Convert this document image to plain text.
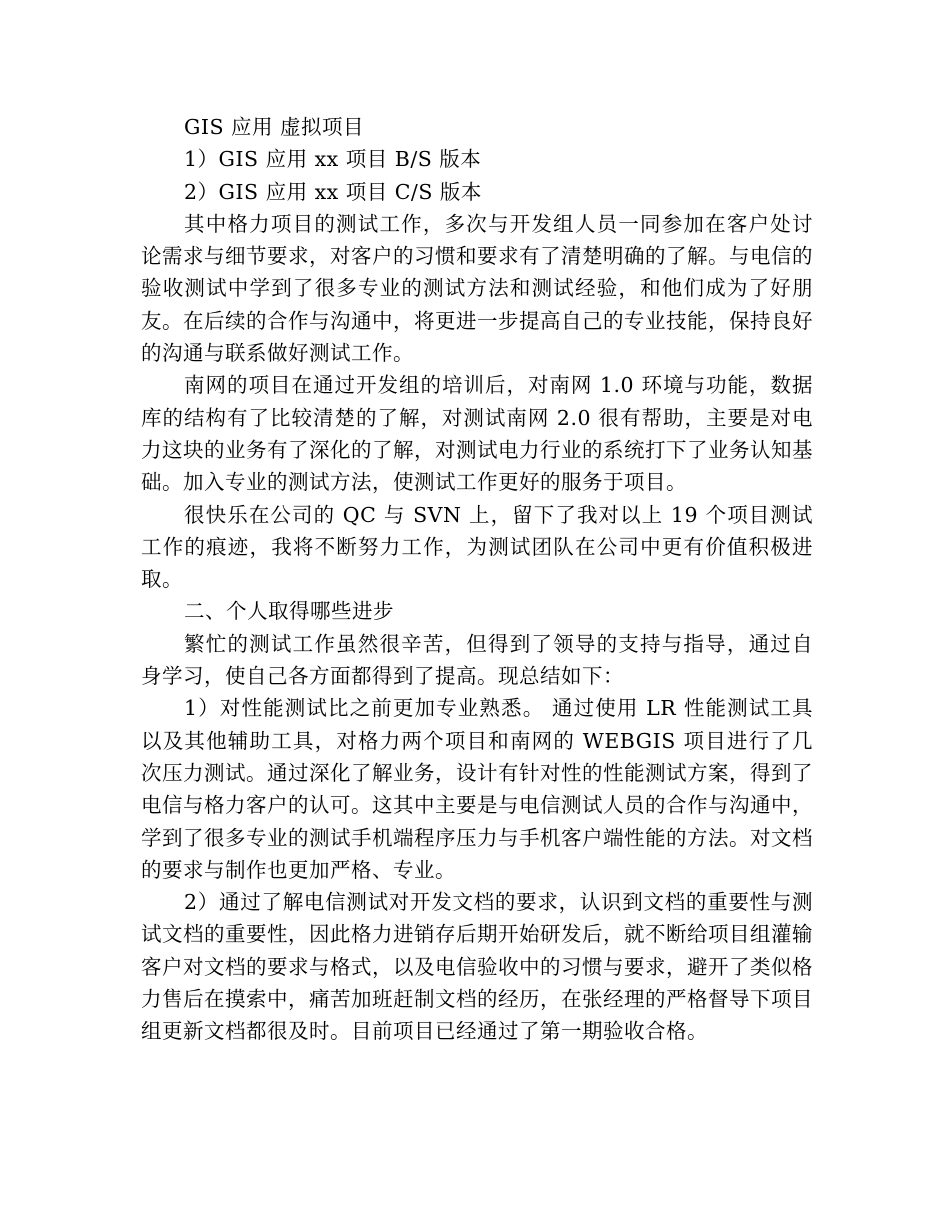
GIS 应用 虚拟项目

1）GIS 应用 xx 项目 B/S 版本

2）GIS 应用 xx 项目 C/S 版本

其中格力项目的测试工作，多次与开发组人员一同参加在客户处讨论需求与细节要求，对客户的习惯和要求有了清楚明确的了解。与电信的验收测试中学到了很多专业的测试方法和测试经验，和他们成为了好朋友。在后续的合作与沟通中，将更进一步提高自己的专业技能，保持良好的沟通与联系做好测试工作。

南网的项目在通过开发组的培训后，对南网 1.0 环境与功能，数据库的结构有了比较清楚的了解，对测试南网 2.0 很有帮助，主要是对电力这块的业务有了深化的了解，对测试电力行业的系统打下了业务认知基础。加入专业的测试方法，使测试工作更好的服务于项目。

很快乐在公司的 QC 与 SVN 上，留下了我对以上 19 个项目测试工作的痕迹，我将不断努力工作，为测试团队在公司中更有价值积极进取。

二、个人取得哪些进步

繁忙的测试工作虽然很辛苦，但得到了领导的支持与指导，通过自身学习，使自己各方面都得到了提高。现总结如下：

1）对性能测试比之前更加专业熟悉。 通过使用 LR 性能测试工具以及其他辅助工具，对格力两个项目和南网的 WEBGIS 项目进行了几次压力测试。通过深化了解业务，设计有针对性的性能测试方案，得到了电信与格力客户的认可。这其中主要是与电信测试人员的合作与沟通中，学到了很多专业的测试手机端程序压力与手机客户端性能的方法。对文档的要求与制作也更加严格、专业。

2）通过了解电信测试对开发文档的要求，认识到文档的重要性与测试文档的重要性，因此格力进销存后期开始研发后，就不断给项目组灌输客户对文档的要求与格式，以及电信验收中的习惯与要求，避开了类似格力售后在摸索中，痛苦加班赶制文档的经历，在张经理的严格督导下项目组更新文档都很及时。目前项目已经通过了第一期验收合格。
